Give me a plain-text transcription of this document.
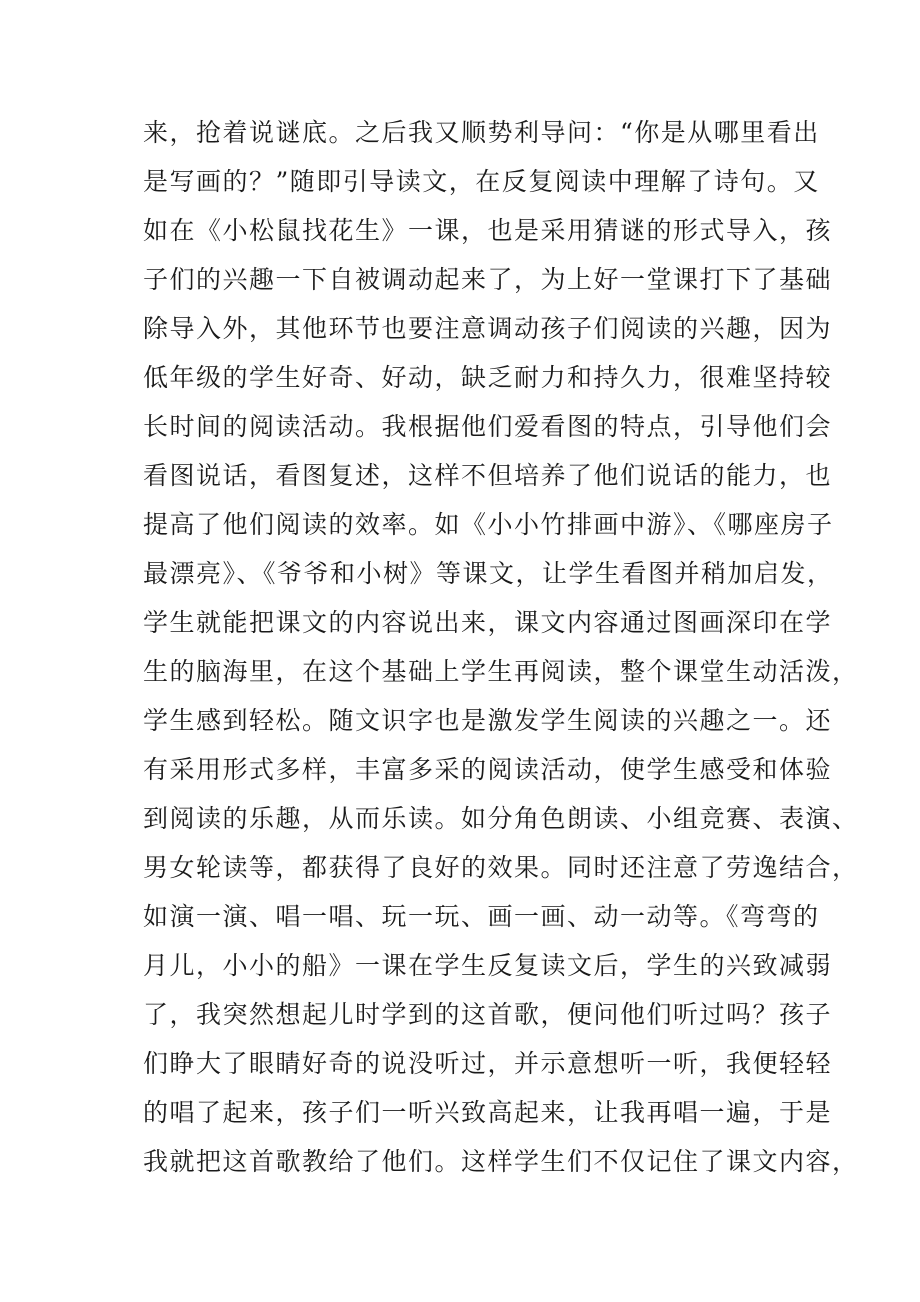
来，抢着说谜底。之后我又顺势利导问：“你是从哪里看出
是写画的？”随即引导读文，在反复阅读中理解了诗句。又
如在《小松鼠找花生》一课，也是采用猜谜的形式导入，孩
子们的兴趣一下自被调动起来了，为上好一堂课打下了基础
除导入外，其他环节也要注意调动孩子们阅读的兴趣，因为
低年级的学生好奇、好动，缺乏耐力和持久力，很难坚持较
长时间的阅读活动。我根据他们爱看图的特点，引导他们会
看图说话，看图复述，这样不但培养了他们说话的能力，也
提高了他们阅读的效率。如《小小竹排画中游》、《哪座房子
最漂亮》、《爷爷和小树》等课文，让学生看图并稍加启发，
学生就能把课文的内容说出来，课文内容通过图画深印在学
生的脑海里，在这个基础上学生再阅读，整个课堂生动活泼，
学生感到轻松。随文识字也是激发学生阅读的兴趣之一。还
有采用形式多样，丰富多采的阅读活动，使学生感受和体验
到阅读的乐趣，从而乐读。如分角色朗读、小组竞赛、表演、
男女轮读等，都获得了良好的效果。同时还注意了劳逸结合，
如演一演、唱一唱、玩一玩、画一画、动一动等。《弯弯的
月儿，小小的船》一课在学生反复读文后，学生的兴致减弱
了，我突然想起儿时学到的这首歌，便问他们听过吗？孩子
们睁大了眼睛好奇的说没听过，并示意想听一听，我便轻轻
的唱了起来，孩子们一听兴致高起来，让我再唱一遍，于是
我就把这首歌教给了他们。这样学生们不仅记住了课文内容，
